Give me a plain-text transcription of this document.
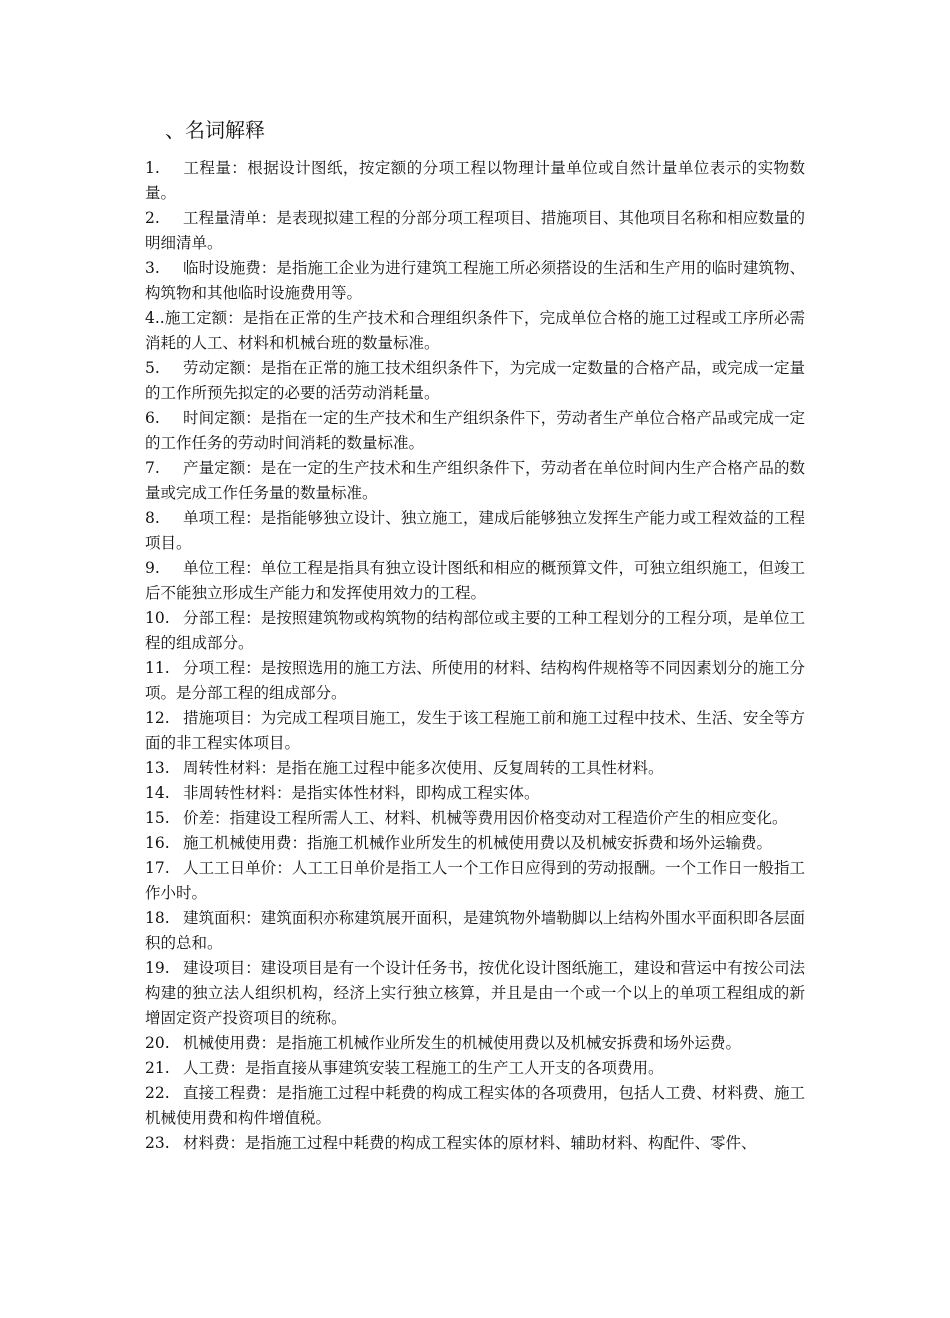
、名词解释

1. 工程量：根据设计图纸，按定额的分项工程以物理计量单位或自然计量单位表示的实物数量。

2. 工程量清单：是表现拟建工程的分部分项工程项目、措施项目、其他项目名称和相应数量的明细清单。

3. 临时设施费：是指施工企业为进行建筑工程施工所必须搭设的生活和生产用的临时建筑物、构筑物和其他临时设施费用等。

4..施工定额：是指在正常的生产技术和合理组织条件下，完成单位合格的施工过程或工序所必需消耗的人工、材料和机械台班的数量标准。

5. 劳动定额：是指在正常的施工技术组织条件下，为完成一定数量的合格产品，或完成一定量的工作所预先拟定的必要的活劳动消耗量。

6. 时间定额：是指在一定的生产技术和生产组织条件下，劳动者生产单位合格产品或完成一定的工作任务的劳动时间消耗的数量标准。

7. 产量定额：是在一定的生产技术和生产组织条件下，劳动者在单位时间内生产合格产品的数量或完成工作任务量的数量标准。

8. 单项工程：是指能够独立设计、独立施工，建成后能够独立发挥生产能力或工程效益的工程项目。

9. 单位工程：单位工程是指具有独立设计图纸和相应的概预算文件，可独立组织施工，但竣工后不能独立形成生产能力和发挥使用效力的工程。

10. 分部工程：是按照建筑物或构筑物的结构部位或主要的工种工程划分的工程分项，是单位工程的组成部分。

11. 分项工程：是按照选用的施工方法、所使用的材料、结构构件规格等不同因素划分的施工分项。是分部工程的组成部分。

12. 措施项目：为完成工程项目施工，发生于该工程施工前和施工过程中技术、生活、安全等方面的非工程实体项目。

13. 周转性材料：是指在施工过程中能多次使用、反复周转的工具性材料。

14. 非周转性材料：是指实体性材料，即构成工程实体。

15. 价差：指建设工程所需人工、材料、机械等费用因价格变动对工程造价产生的相应变化。

16. 施工机械使用费：指施工机械作业所发生的机械使用费以及机械安拆费和场外运输费。

17. 人工工日单价：人工工日单价是指工人一个工作日应得到的劳动报酬。一个工作日一般指工作小时。

18. 建筑面积：建筑面积亦称建筑展开面积，是建筑物外墙勒脚以上结构外围水平面积即各层面积的总和。

19. 建设项目：建设项目是有一个设计任务书，按优化设计图纸施工，建设和营运中有按公司法构建的独立法人组织机构，经济上实行独立核算，并且是由一个或一个以上的单项工程组成的新增固定资产投资项目的统称。

20. 机械使用费：是指施工机械作业所发生的机械使用费以及机械安拆费和场外运费。

21. 人工费：是指直接从事建筑安装工程施工的生产工人开支的各项费用。

22. 直接工程费：是指施工过程中耗费的构成工程实体的各项费用，包括人工费、材料费、施工机械使用费和构件增值税。

23. 材料费：是指施工过程中耗费的构成工程实体的原材料、辅助材料、构配件、零件、
